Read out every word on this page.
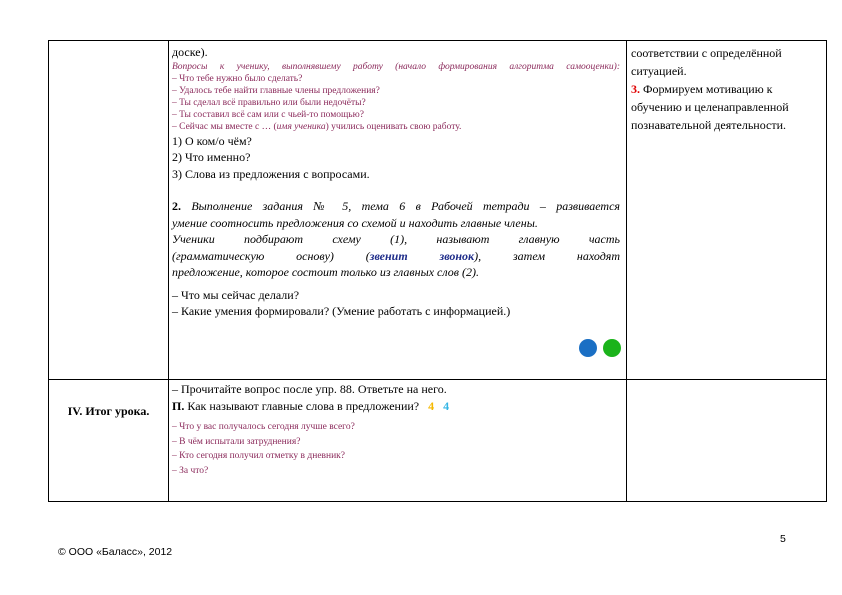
доске).

Вопросы к ученику, выполнявшему работу (начало формирования алгоритма самооценки):

– Что тебе нужно было сделать?

– Удалось тебе найти главные члены предложения?

– Ты сделал всё правильно или были недочёты?

– Ты составил всё сам или с чьей-то помощью?

– Сейчас мы вместе с … (имя ученика) учились оценивать свою работу.

1) О ком/о чём?

2) Что именно?

3) Слова из предложения с вопросами.

2. Выполнение задания № 5, тема 6 в Рабочей тетради – развивается

умение соотносить предложения со схемой и находить главные члены.

Ученики подбирают схему (1), называют главную часть

(грамматическую основу) (звенит звонок), затем находят

предложение, которое состоит только из главных слов (2).

– Что мы сейчас делали?

– Какие умения формировали? (Умение работать с информацией.)

соответствии с определённой

ситуацией.

3. Формируем мотивацию к

обучению и целенаправленной

познавательной деятельности.

IV. Итог урока.

– Прочитайте вопрос после упр. 88. Ответьте на него.

П. Как называют главные слова в предложении? 4 4

– Что у вас получалось сегодня лучше всего?

– В чём испытали затруднения?

– Кто сегодня получил отметку в дневник?

– За что?

5
© ООО «Баласс», 2012
